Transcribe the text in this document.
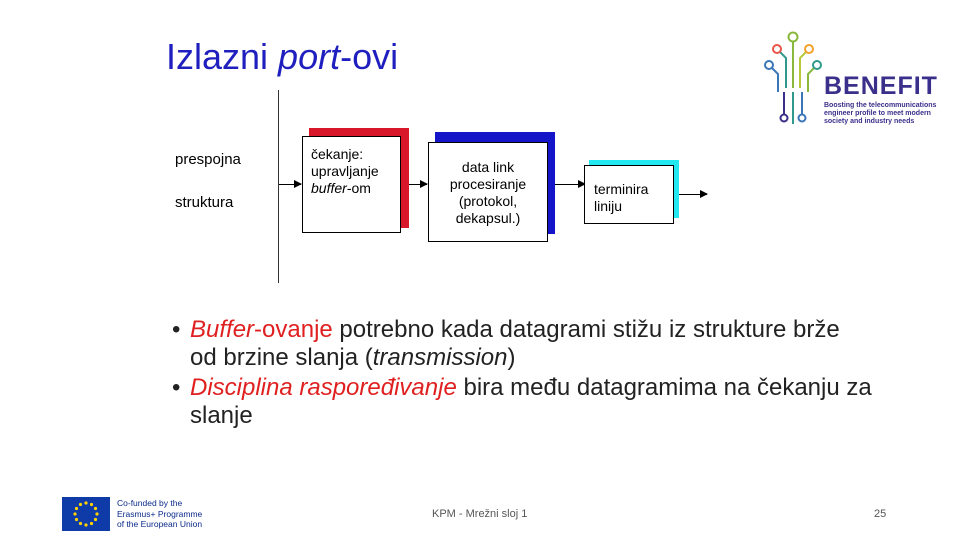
Izlazni port-ovi
BENEFIT
Boosting the telecommunications engineer profile to meet modern society and industry needs
prespojna
struktura
čekanje:
upravljanje
buffer-om
data link
procesiranje
(protokol,
dekapsul.)
terminira
liniju
• Buffer-ovanje potrebno kada datagrami stižu iz strukture brže od brzine slanja (transmission)
• Disciplina raspoređivanje bira među datagramima na čekanju za slanje
Co-funded by the
Erasmus+ Programme
of the European Union
KPM - Mrežni sloj 1	25
